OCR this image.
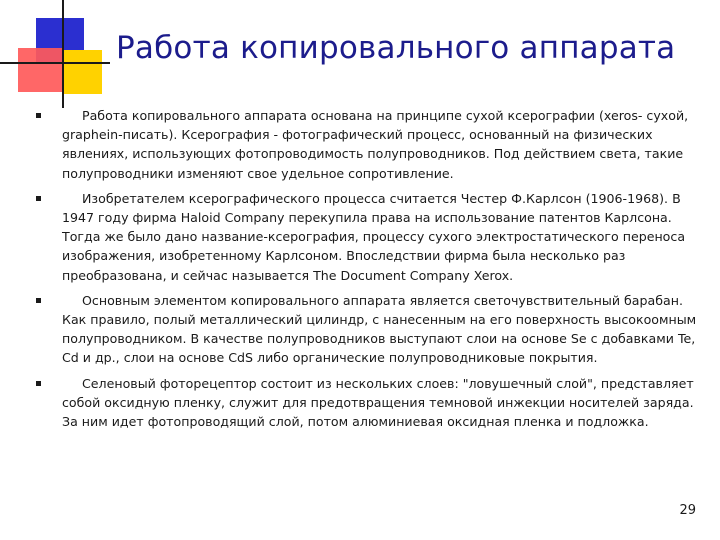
Работа копировального аппарата
Работа копировального аппарата основана на принципе сухой ксерографии (xeros- сухой, graphein-писать). Ксерография - фотографический процесс, основанный на физических явлениях, использующих фотопроводимость полупроводников. Под действием света, такие полупроводники изменяют свое удельное сопротивление.
Изобретателем ксерографического процесса считается Честер Ф.Карлсон (1906-1968). В 1947 году фирма Haloid Company перекупила права на использование патентов Карлсона. Тогда же было дано название-ксерография, процессу сухого электростатического переноса изображения, изобретенному Карлсоном. Впоследствии фирма была несколько раз преобразована, и сейчас называется The Document Company Xerox.
Основным элементом копировального аппарата является светочувствительный барабан. Как правило, полый металлический цилиндр, с нанесенным на его поверхность высокоомным полупроводником. В качестве полупроводников выступают слои на основе Se с добавками Te, Cd и др., слои на основе CdS либо органические полупроводниковые покрытия.
Селеновый фоторецептор состоит из нескольких слоев: "ловушечный слой", представляет собой оксидную пленку, служит для предотвращения темновой инжекции носителей заряда. За ним идет фотопроводящий слой, потом алюминиевая оксидная пленка и подложка.
29
